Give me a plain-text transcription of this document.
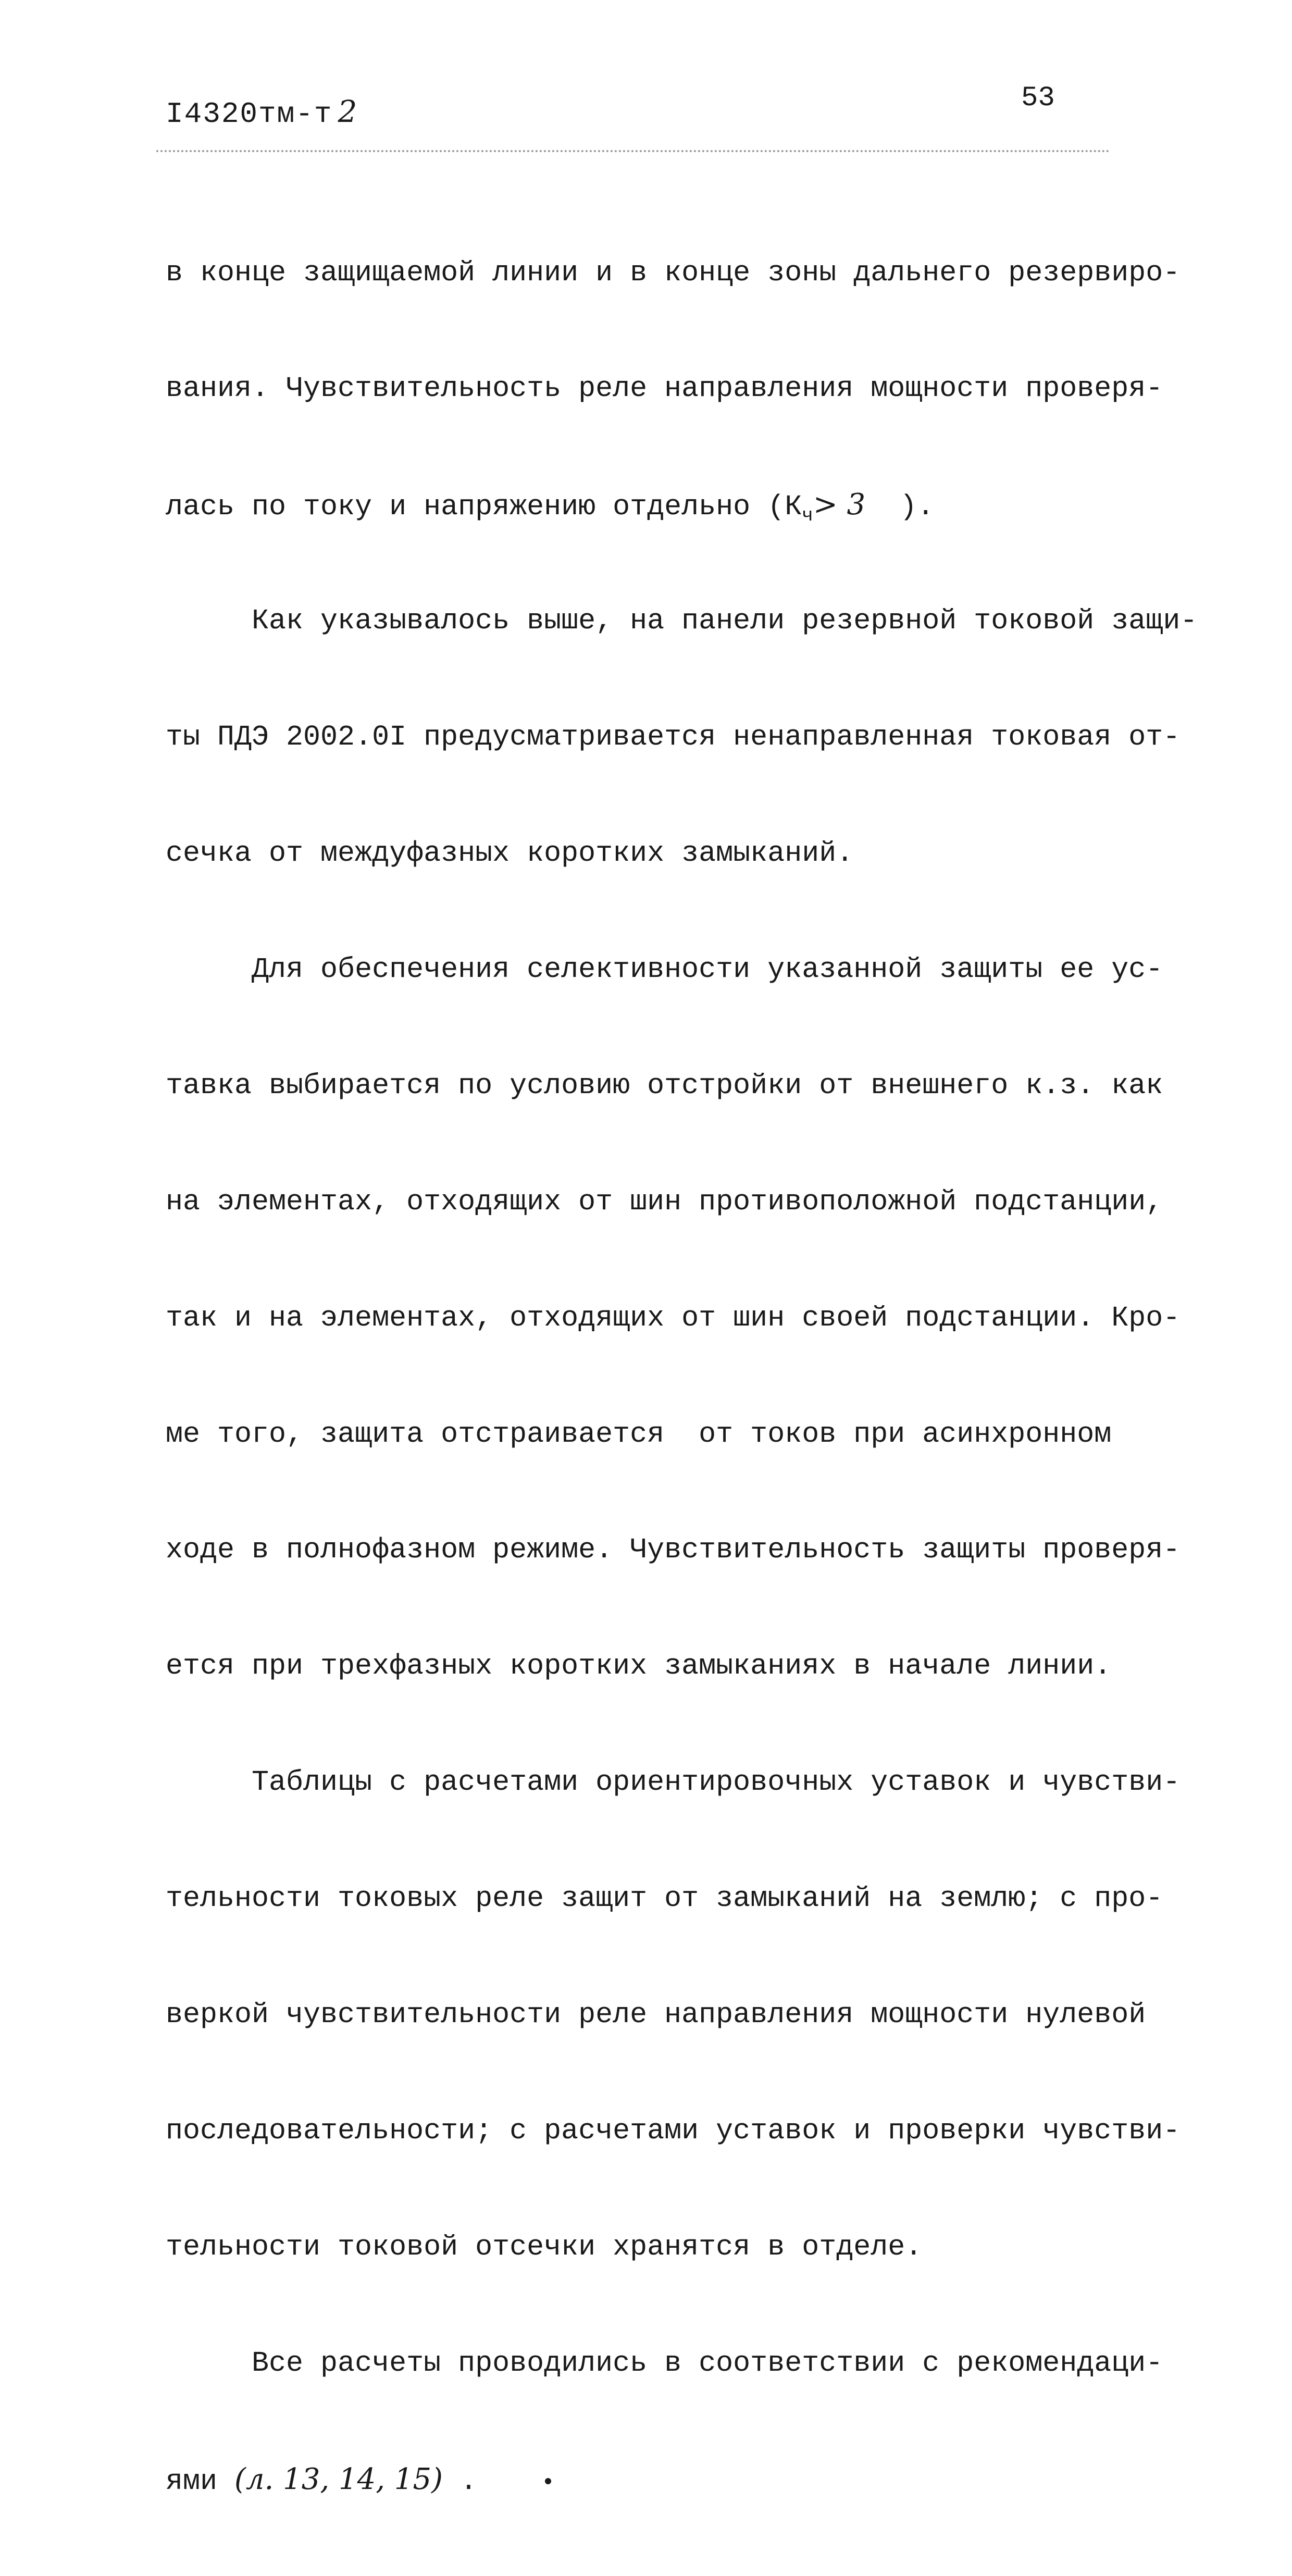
I4320тм-т 2	53

в конце защищаемой линии и в конце зоны дальнего резервиро-

вания. Чувствительность реле направления мощности проверя-

лась по току и напряжению отдельно ($К_ч> 3$  ).

Как указывалось выше, на панели резервной токовой защи-

ты ПДЭ 2002.0I предусматривается ненаправленная токовая от-

сечка от междуфазных коротких замыканий.

Для обеспечения селективности указанной защиты ее ус-

тавка выбирается по условию отстройки от внешнего к.з. как

на элементах, отходящих от шин противоположной подстанции,

так и на элементах, отходящих от шин своей подстанции. Кро-

ме того, защита отстраивается  от токов при асинхронном

ходе в полнофазном режиме. Чувствительность защиты проверя-

ется при трехфазных коротких замыканиях в начале линии.

Таблицы с расчетами ориентировочных уставок и чувстви-

тельности токовых реле защит от замыканий на землю; с про-

веркой чувствительности реле направления мощности нулевой

последовательности; с расчетами уставок и проверки чувстви-

тельности токовой отсечки хранятся в отделе.

Все расчеты проводились в соответствии с рекомендаци-

ями (л. 13, 14, 15) .
